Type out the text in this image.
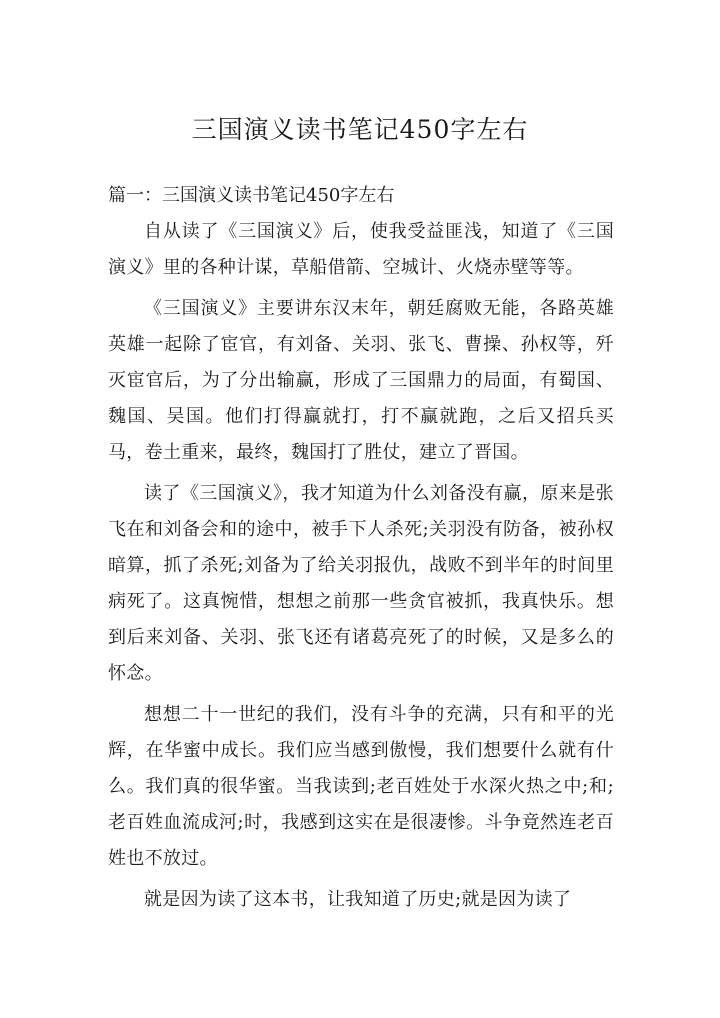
三国演义读书笔记450字左右

篇一：三国演义读书笔记450字左右

自从读了《三国演义》后，使我受益匪浅，知道了《三国演义》里的各种计谋，草船借箭、空城计、火烧赤壁等等。

《三国演义》主要讲东汉末年，朝廷腐败无能，各路英雄英雄一起除了宦官，有刘备、关羽、张飞、曹操、孙权等，歼灭宦官后，为了分出输赢，形成了三国鼎力的局面，有蜀国、魏国、吴国。他们打得赢就打，打不赢就跑，之后又招兵买马，卷土重来，最终，魏国打了胜仗，建立了晋国。

读了《三国演义》，我才知道为什么刘备没有赢，原来是张飞在和刘备会和的途中，被手下人杀死;关羽没有防备，被孙权暗算，抓了杀死;刘备为了给关羽报仇，战败不到半年的时间里病死了。这真惋惜，想想之前那一些贪官被抓，我真快乐。想到后来刘备、关羽、张飞还有诸葛亮死了的时候，又是多么的怀念。

想想二十一世纪的我们，没有斗争的充满，只有和平的光辉，在华蜜中成长。我们应当感到傲慢，我们想要什么就有什么。我们真的很华蜜。当我读到;老百姓处于水深火热之中;和;老百姓血流成河;时，我感到这实在是很凄惨。斗争竟然连老百姓也不放过。

就是因为读了这本书，让我知道了历史;就是因为读了
